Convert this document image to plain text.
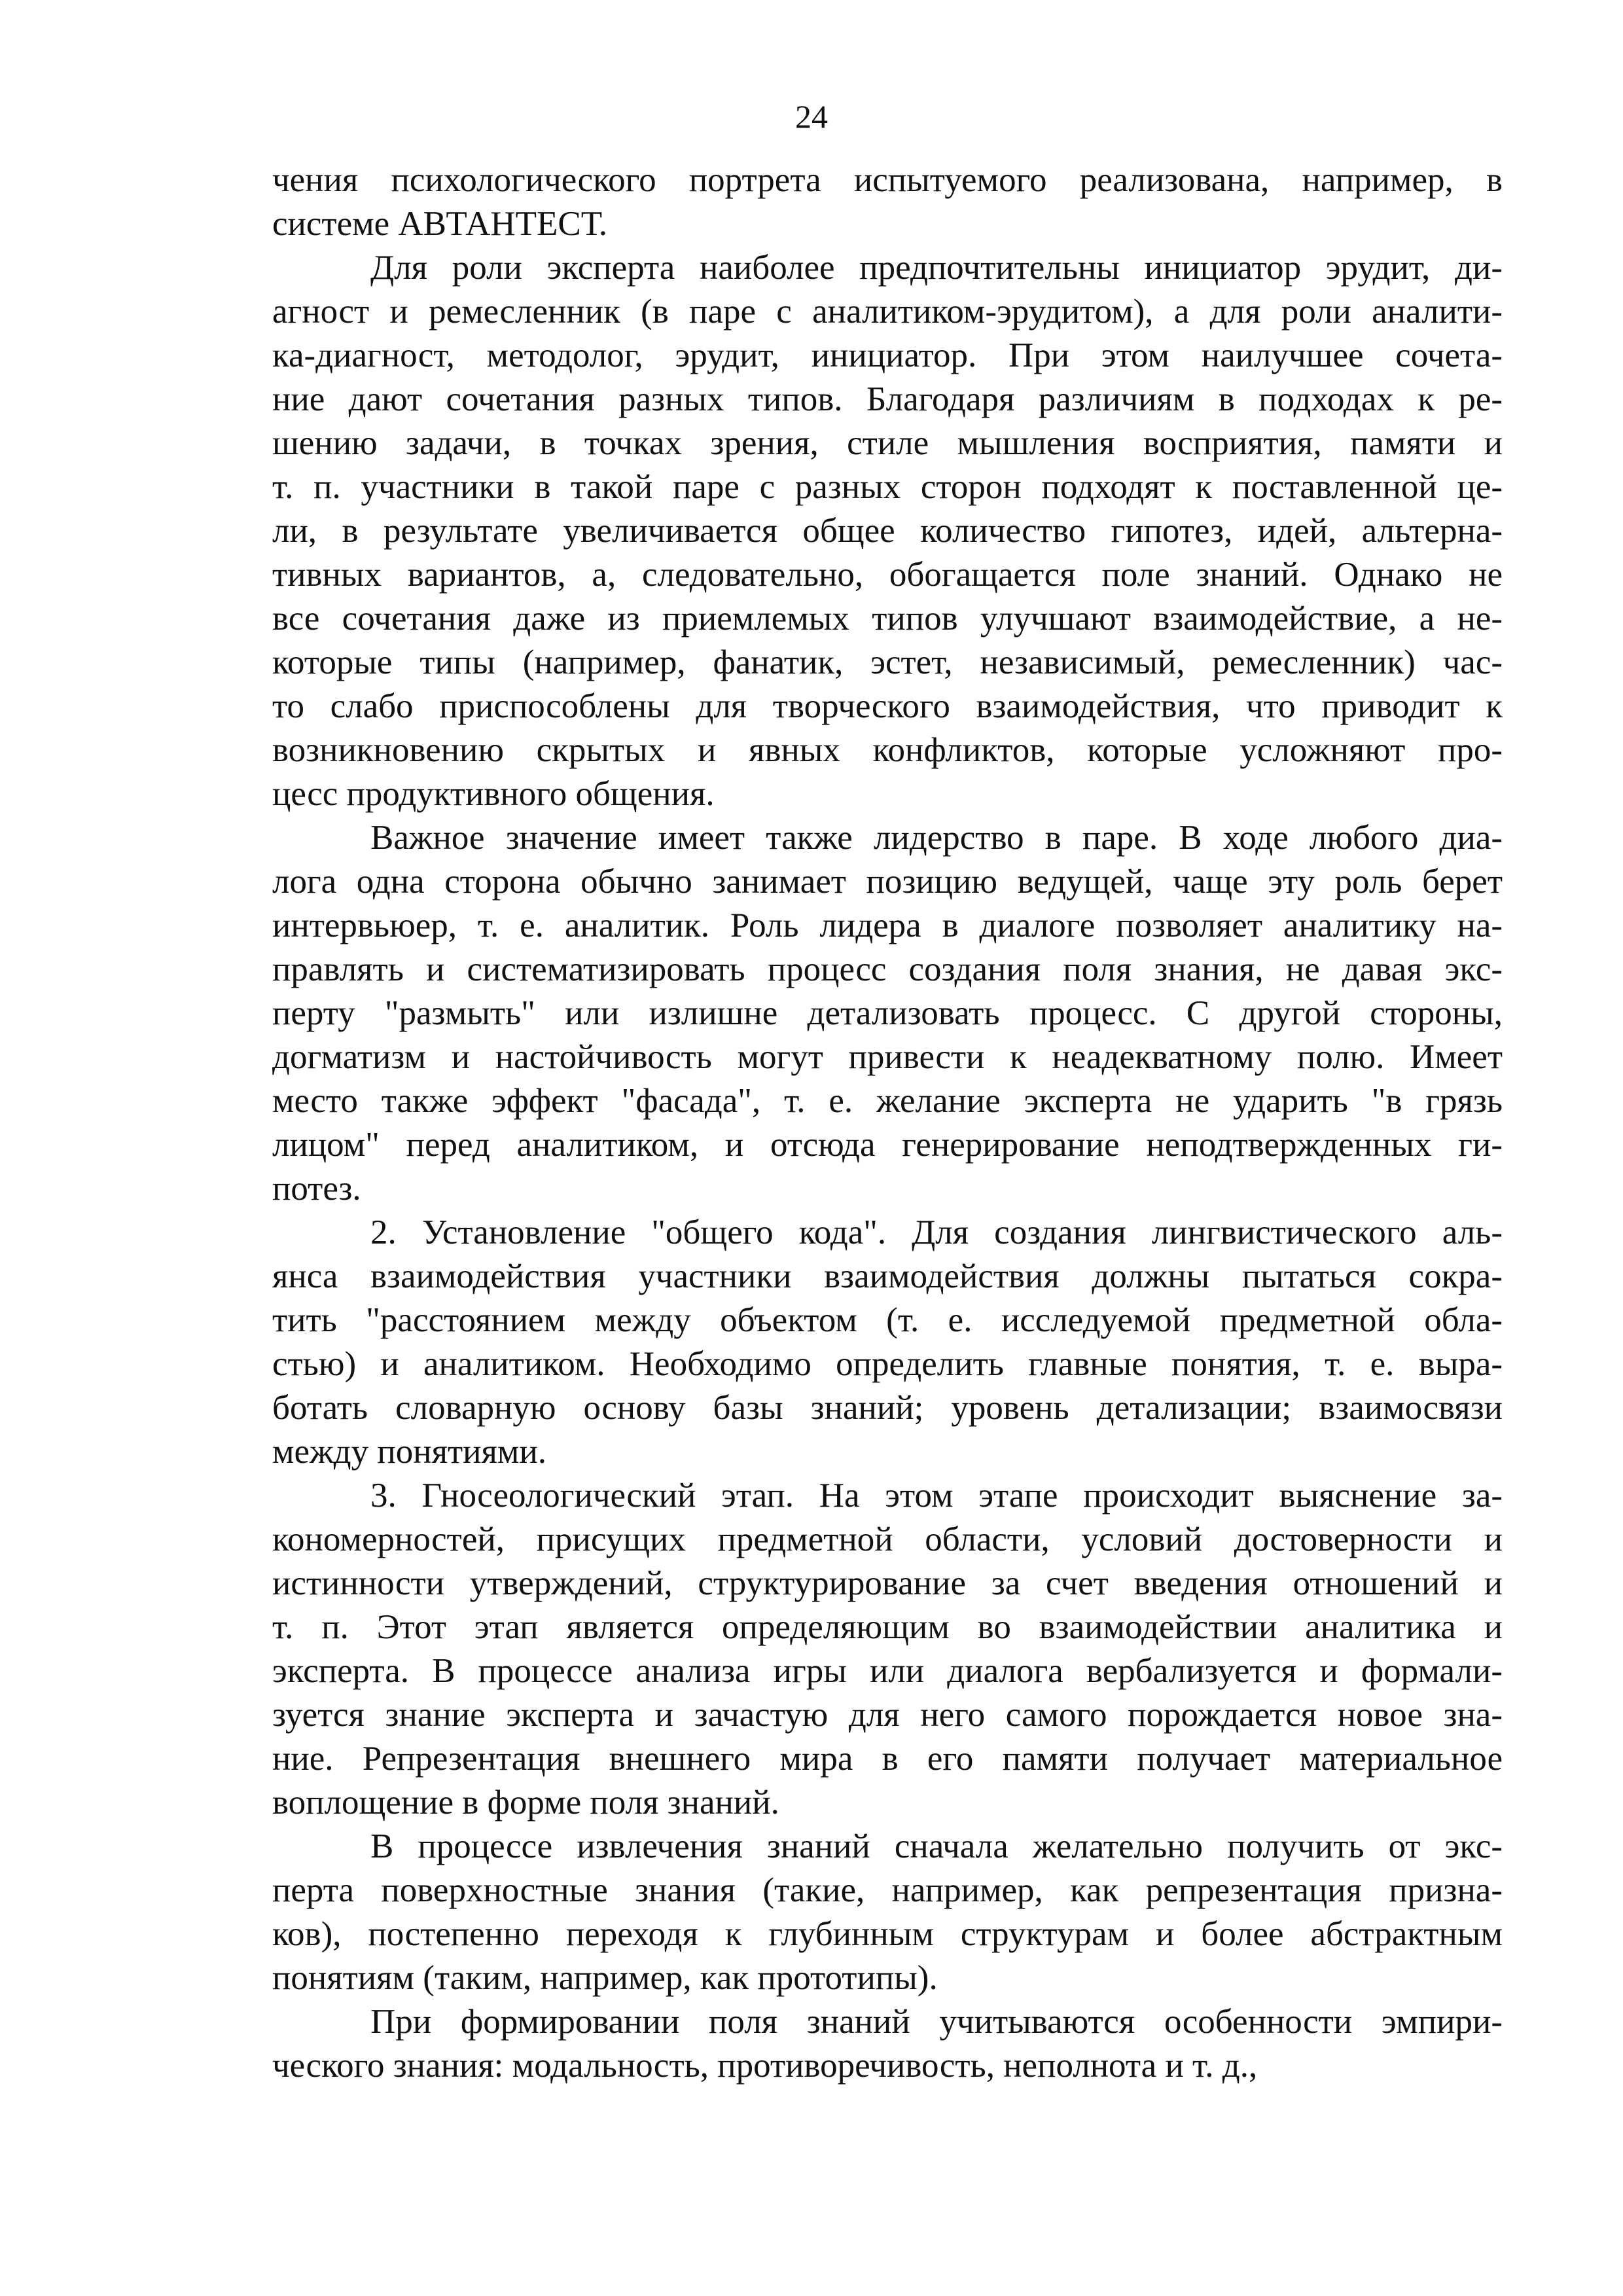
24
чения психологического портрета испытуемого реализована, например, в
системе АВТАНТЕСТ.
Для роли эксперта наиболее предпочтительны инициатор эрудит, ди-
агност и ремесленник (в паре с аналитиком-эрудитом), а для роли аналити-
ка-диагност, методолог, эрудит, инициатор. При этом наилучшее сочета-
ние дают сочетания разных типов. Благодаря различиям в подходах к ре-
шению задачи, в точках зрения, стиле мышления восприятия, памяти и
т. п. участники в такой паре с разных сторон подходят к поставленной це-
ли, в результате увеличивается общее количество гипотез, идей, альтерна-
тивных вариантов, а, следовательно, обогащается поле знаний. Однако не
все сочетания даже из приемлемых типов улучшают взаимодействие, а не-
которые типы (например, фанатик, эстет, независимый, ремесленник) час-
то слабо приспособлены для творческого взаимодействия, что приводит к
возникновению скрытых и явных конфликтов, которые усложняют про-
цесс продуктивного общения.
Важное значение имеет также лидерство в паре. В ходе любого диа-
лога одна сторона обычно занимает позицию ведущей, чаще эту роль берет
интервьюер, т. е. аналитик. Роль лидера в диалоге позволяет аналитику на-
правлять и систематизировать процесс создания поля знания, не давая экс-
перту "размыть" или излишне детализовать процесс. С другой стороны,
догматизм и настойчивость могут привести к неадекватному полю. Имеет
место также эффект "фасада", т. е. желание эксперта не ударить "в грязь
лицом" перед аналитиком, и отсюда генерирование неподтвержденных ги-
потез.
2. Установление "общего кода". Для создания лингвистического аль-
янса взаимодействия участники взаимодействия должны пытаться сокра-
тить "расстоянием между объектом (т. е. исследуемой предметной обла-
стью) и аналитиком. Необходимо определить главные понятия, т. е. выра-
ботать словарную основу базы знаний; уровень детализации; взаимосвязи
между понятиями.
3. Гносеологический этап. На этом этапе происходит выяснение за-
кономерностей, присущих предметной области, условий достоверности и
истинности утверждений, структурирование за счет введения отношений и
т. п. Этот этап является определяющим во взаимодействии аналитика и
эксперта. В процессе анализа игры или диалога вербализуется и формали-
зуется знание эксперта и зачастую для него самого порождается новое зна-
ние. Репрезентация внешнего мира в его памяти получает материальное
воплощение в форме поля знаний.
В процессе извлечения знаний сначала желательно получить от экс-
перта поверхностные знания (такие, например, как репрезентация призна-
ков), постепенно переходя к глубинным структурам и более абстрактным
понятиям (таким, например, как прототипы).
При формировании поля знаний учитываются особенности эмпири-
ческого знания: модальность, противоречивость, неполнота и т. д.,
